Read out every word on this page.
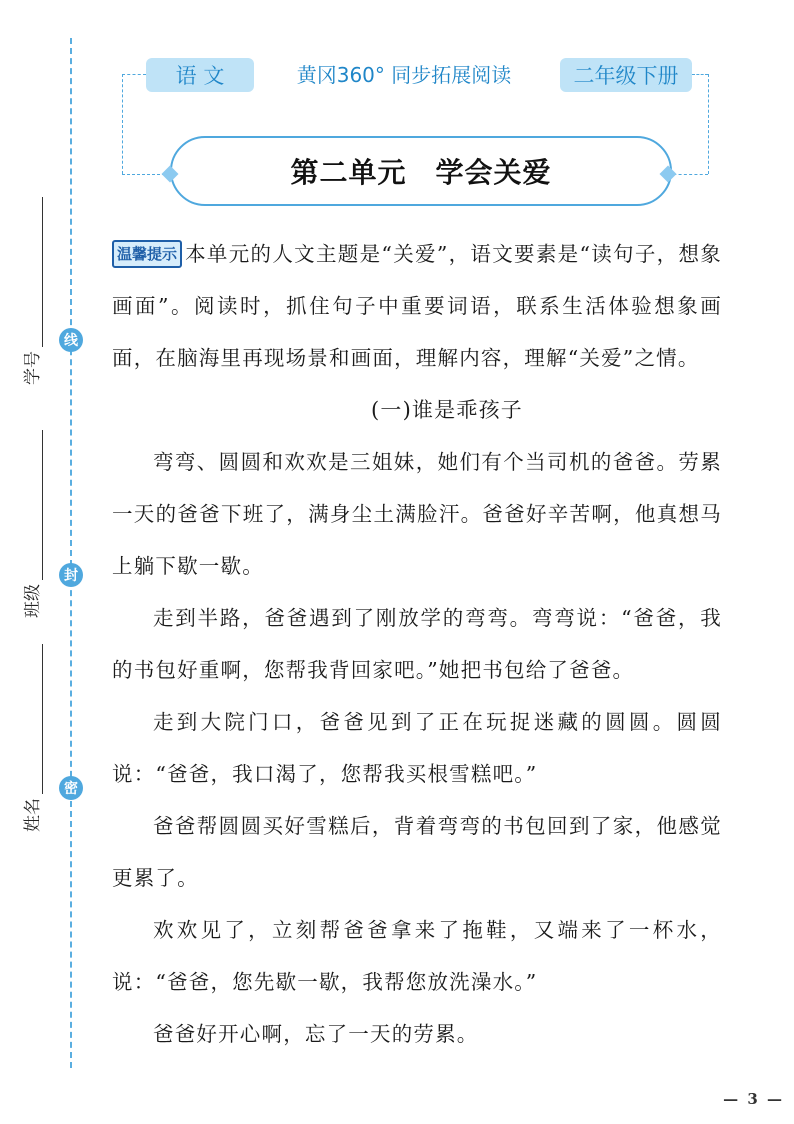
线
封
密
学号
班级
姓名
语 文	黄冈360° 同步拓展阅读	二年级下册
第二单元　学会关爱

温馨提示 本单元的人文主题是“关爱”，语文要素是“读句子，想象画面”。阅读时，抓住句子中重要词语，联系生活体验想象画面，在脑海里再现场景和画面，理解内容，理解“关爱”之情。

(一)谁是乖孩子

弯弯、圆圆和欢欢是三姐妹，她们有个当司机的爸爸。劳累一天的爸爸下班了，满身尘土满脸汗。爸爸好辛苦啊，他真想马上躺下歇一歇。

走到半路，爸爸遇到了刚放学的弯弯。弯弯说：“爸爸，我的书包好重啊，您帮我背回家吧。”她把书包给了爸爸。

走到大院门口，爸爸见到了正在玩捉迷藏的圆圆。圆圆说：“爸爸，我口渴了，您帮我买根雪糕吧。”

爸爸帮圆圆买好雪糕后，背着弯弯的书包回到了家，他感觉更累了。

欢欢见了，立刻帮爸爸拿来了拖鞋，又端来了一杯水，说：“爸爸，您先歇一歇，我帮您放洗澡水。”

爸爸好开心啊，忘了一天的劳累。

— 3 —
